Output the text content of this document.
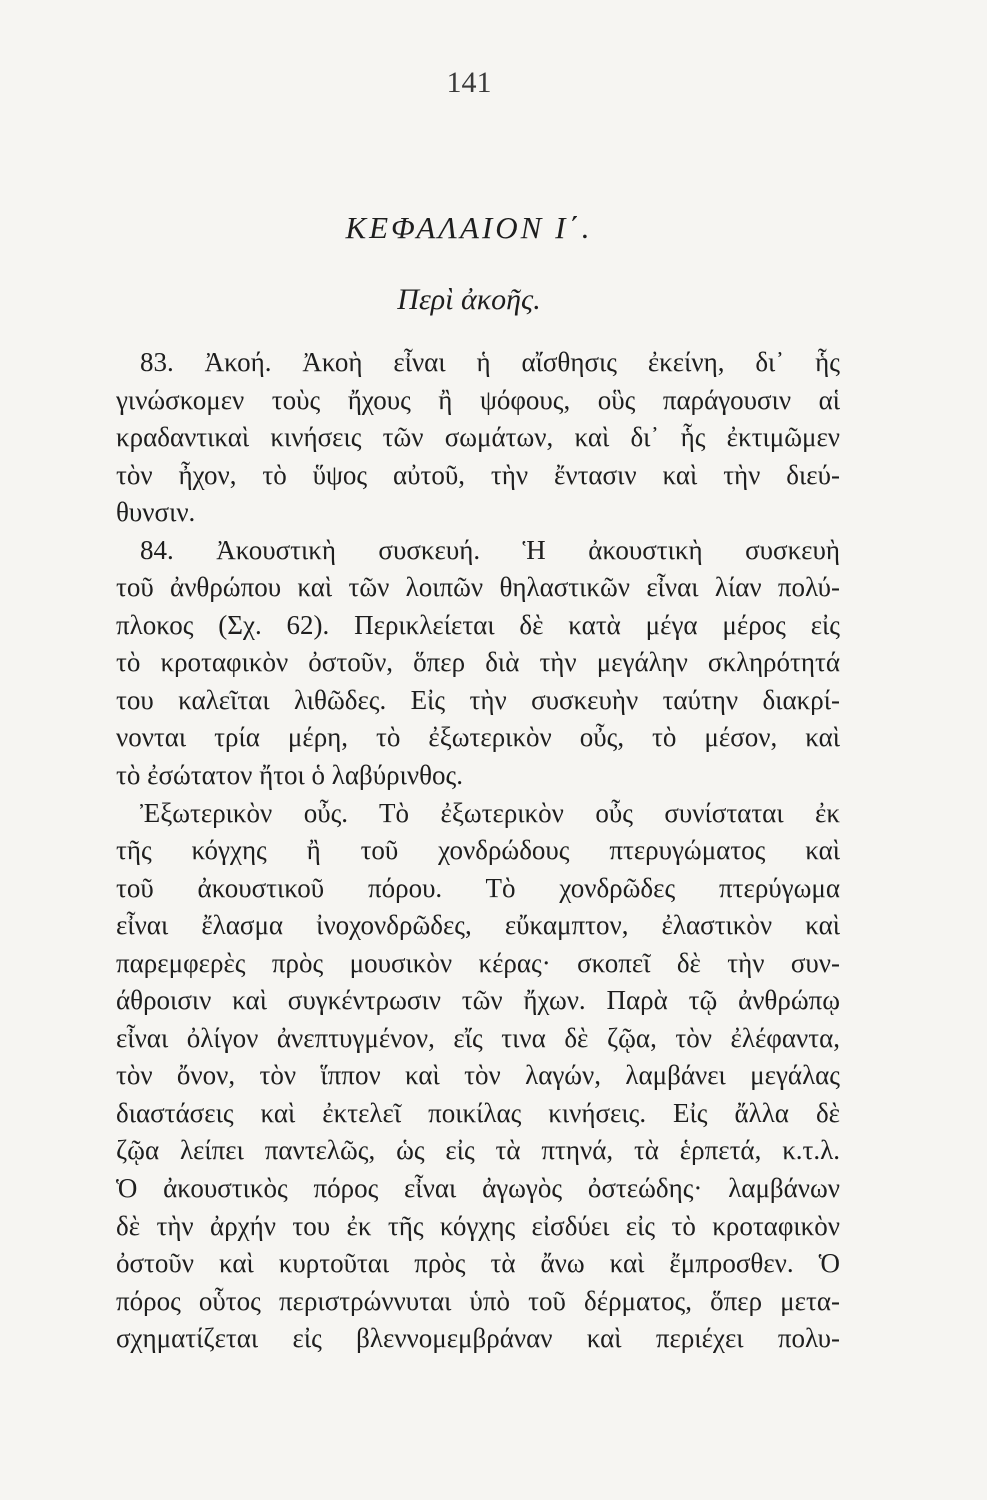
141
ΚΕΦΑΛΑΙΟΝ Ι΄.
Περὶ ἀκοῆς.
83. Ἀκοή. Ἀκοὴ εἶναι ἡ αἴσθησις ἐκείνη, δι᾽ ἧς
γινώσκομεν τοὺς ἤχους ἢ ψόφους, οὓς παράγουσιν αἱ
κραδαντικαὶ κινήσεις τῶν σωμάτων, καὶ δι᾽ ἧς ἐκτιμῶμεν
τὸν ἦχον, τὸ ὕψος αὐτοῦ, τὴν ἔντασιν καὶ τὴν διεύ-
θυνσιν.
84. Ἀκουστικὴ συσκευή. Ἡ ἀκουστικὴ συσκευὴ
τοῦ ἀνθρώπου καὶ τῶν λοιπῶν θηλαστικῶν εἶναι λίαν πολύ-
πλοκος (Σχ. 62). Περικλείεται δὲ κατὰ μέγα μέρος εἰς
τὸ κροταφικὸν ὀστοῦν, ὅπερ διὰ τὴν μεγάλην σκληρότητά
του καλεῖται λιθῶδες. Εἰς τὴν συσκευὴν ταύτην διακρί-
νονται τρία μέρη, τὸ ἐξωτερικὸν οὖς, τὸ μέσον, καὶ
τὸ ἐσώτατον ἤτοι ὁ λαβύρινθος.
Ἐξωτερικὸν οὖς. Τὸ ἐξωτερικὸν οὖς συνίσταται ἐκ
τῆς κόγχης ἢ τοῦ χονδρώδους πτερυγώματος καὶ
τοῦ ἀκουστικοῦ πόρου. Τὸ χονδρῶδες πτερύγωμα
εἶναι ἔλασμα ἰνοχονδρῶδες, εὔκαμπτον, ἐλαστικὸν καὶ
παρεμφερὲς πρὸς μουσικὸν κέρας· σκοπεῖ δὲ τὴν συν-
άθροισιν καὶ συγκέντρωσιν τῶν ἤχων. Παρὰ τῷ ἀνθρώπῳ
εἶναι ὀλίγον ἀνεπτυγμένον, εἴς τινα δὲ ζῷα, τὸν ἐλέφαντα,
τὸν ὄνον, τὸν ἵππον καὶ τὸν λαγών, λαμβάνει μεγάλας
διαστάσεις καὶ ἐκτελεῖ ποικίλας κινήσεις. Εἰς ἄλλα δὲ
ζῷα λείπει παντελῶς, ὡς εἰς τὰ πτηνά, τὰ ἑρπετά, κ.τ.λ.
Ὁ ἀκουστικὸς πόρος εἶναι ἀγωγὸς ὀστεώδης· λαμβάνων
δὲ τὴν ἀρχήν του ἐκ τῆς κόγχης εἰσδύει εἰς τὸ κροταφικὸν
ὀστοῦν καὶ κυρτοῦται πρὸς τὰ ἄνω καὶ ἔμπροσθεν. Ὁ
πόρος οὗτος περιστρώννυται ὑπὸ τοῦ δέρματος, ὅπερ μετα-
σχηματίζεται εἰς βλεννομεμβράναν καὶ περιέχει πολυ-
